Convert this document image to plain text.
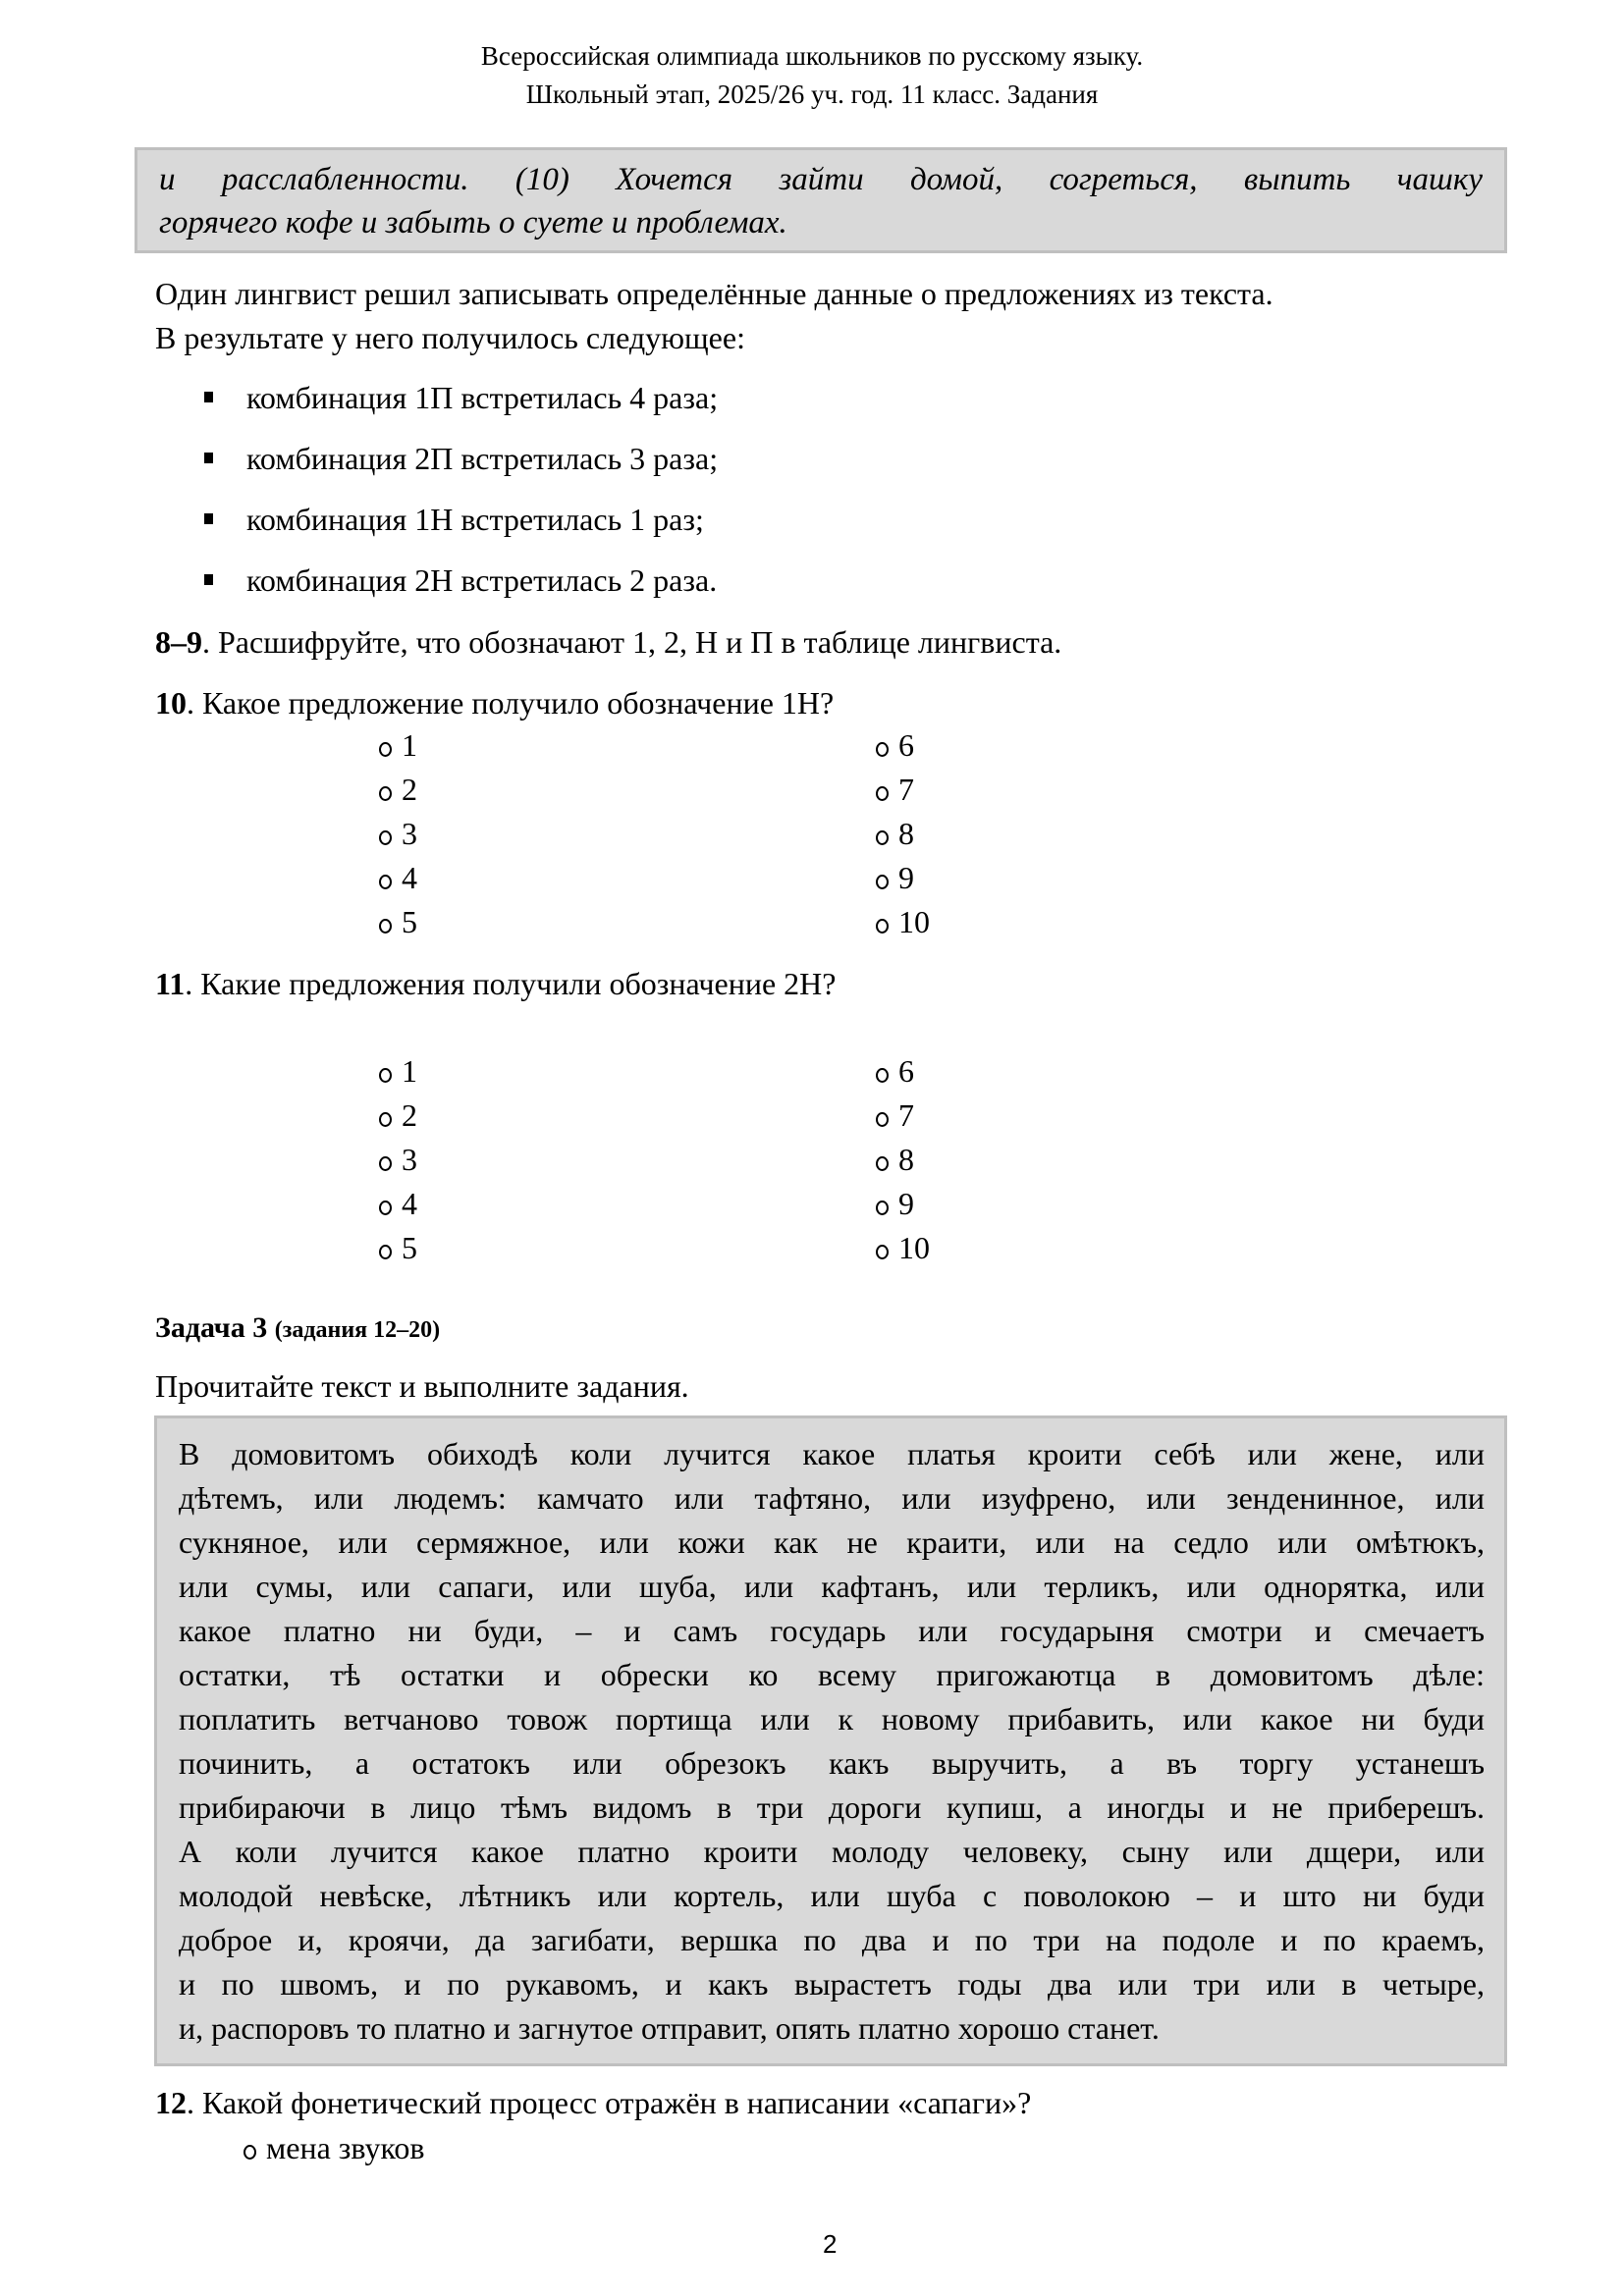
Всероссийская олимпиада школьников по русскому языку.
Школьный этап, 2025/26 уч. год. 11 класс. Задания

и расслабленности. (10) Хочется зайти домой, согреться, выпить чашку

горячего кофе и забыть о суете и проблемах.

Один лингвист решил записывать определённые данные о предложениях из текста.
В результате у него получилось следующее:
комбинация 1П встретилась 4 раза;
комбинация 2П встретилась 3 раза;
комбинация 1Н встретилась 1 раз;
комбинация 2Н встретилась 2 раза.
8–9. Расшифруйте, что обозначают 1, 2, Н и П в таблице лингвиста.
10. Какое предложение получило обозначение 1Н?
1
2
3
4
5
6
7
8
9
10
11. Какие предложения получили обозначение 2Н?
1
2
3
4
5
6
7
8
9
10
Задача 3 (задания 12–20)
Прочитайте текст и выполните задания.
В домовитомъ обиходѣ коли лучится какое платья кроити себѣ или жене, или
дѣтемъ, или людемъ: камчато или тафтяно, или изуфрено, или зенденинное, или
сукняное, или сермяжное, или кожи как не краити, или на седло или омѣтюкъ,
или сумы, или сапаги, или шуба, или кафтанъ, или терликъ, или однорятка, или
какое платно ни буди, – и самъ государь или государыня смотри и смечаетъ
остатки, тѣ остатки и обрески ко всему пригожаютца в домовитомъ дѣле:
поплатить ветчаново товож портища или к новому прибавить, или какое ни буди
починить, а остатокъ или обрезокъ какъ выручить, а въ торгу устанешъ
прибираючи в лицо тѣмъ видомъ в три дороги купиш, а иногды и не приберешъ.
А коли лучится какое платно кроити молоду человеку, сыну или дщери, или
молодой невѣске, лѣтникъ или кортель, или шуба с поволокою – и што ни буди
доброе и, кроячи, да загибати, вершка по два и по три на подоле и по краемъ,
и по швомъ, и по рукавомъ, и какъ вырастетъ годы два или три или в четыре,
и, распоровъ то платно и загнутое отправит, опять платно хорошо станет.
12. Какой фонетический процесс отражён в написании «сапаги»?
мена звуков
2
